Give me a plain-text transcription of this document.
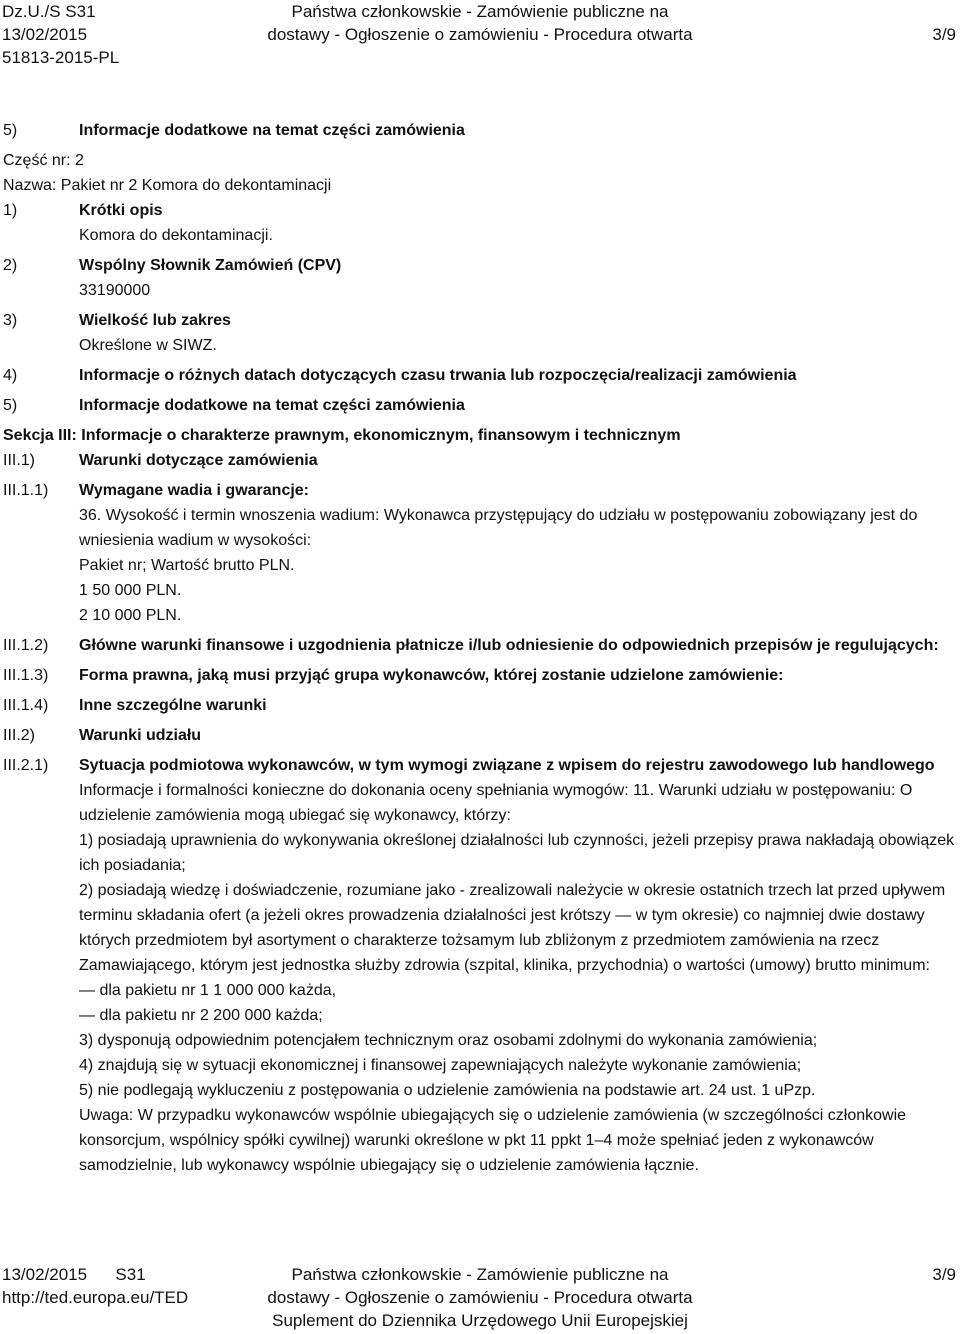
Dz.U./S S31
13/02/2015
51813-2015-PL
Państwa członkowskie - Zamówienie publiczne na
dostawy - Ogłoszenie o zamówieniu - Procedura otwarta	3/9
5)	Informacje dodatkowe na temat części zamówienia
Część nr: 2
Nazwa: Pakiet nr 2 Komora do dekontaminacji
1)	Krótki opis
Komora do dekontaminacji.
2)	Wspólny Słownik Zamówień (CPV)
33190000
3)	Wielkość lub zakres
Określone w SIWZ.
4)	Informacje o różnych datach dotyczących czasu trwania lub rozpoczęcia/realizacji zamówienia
5)	Informacje dodatkowe na temat części zamówienia
Sekcja III: Informacje o charakterze prawnym, ekonomicznym, finansowym i technicznym
III.1)	Warunki dotyczące zamówienia
III.1.1)	Wymagane wadia i gwarancje:
36. Wysokość i termin wnoszenia wadium: Wykonawca przystępujący do udziału w postępowaniu zobowiązany jest do wniesienia wadium w wysokości:
Pakiet nr; Wartość brutto PLN.
1 50 000 PLN.
2 10 000 PLN.
III.1.2)	Główne warunki finansowe i uzgodnienia płatnicze i/lub odniesienie do odpowiednich przepisów je regulujących:
III.1.3)	Forma prawna, jaką musi przyjąć grupa wykonawców, której zostanie udzielone zamówienie:
III.1.4)	Inne szczególne warunki
III.2)	Warunki udziału
III.2.1)	Sytuacja podmiotowa wykonawców, w tym wymogi związane z wpisem do rejestru zawodowego lub handlowego
Informacje i formalności konieczne do dokonania oceny spełniania wymogów: 11. Warunki udziału w postępowaniu: O udzielenie zamówienia mogą ubiegać się wykonawcy, którzy:
1) posiadają uprawnienia do wykonywania określonej działalności lub czynności, jeżeli przepisy prawa nakładają obowiązek ich posiadania;
2) posiadają wiedzę i doświadczenie, rozumiane jako - zrealizowali należycie w okresie ostatnich trzech lat przed upływem terminu składania ofert (a jeżeli okres prowadzenia działalności jest krótszy — w tym okresie) co najmniej dwie dostawy których przedmiotem był asortyment o charakterze tożsamym lub zbliżonym z przedmiotem zamówienia na rzecz Zamawiającego, którym jest jednostka służby zdrowia (szpital, klinika, przychodnia) o wartości (umowy) brutto minimum:
— dla pakietu nr 1 1 000 000 każda,
— dla pakietu nr 2 200 000 każda;
3) dysponują odpowiednim potencjałem technicznym oraz osobami zdolnymi do wykonania zamówienia;
4) znajdują się w sytuacji ekonomicznej i finansowej zapewniających należyte wykonanie zamówienia;
5) nie podlegają wykluczeniu z postępowania o udzielenie zamówienia na podstawie art. 24 ust. 1 uPzp.
Uwaga: W przypadku wykonawców wspólnie ubiegających się o udzielenie zamówienia (w szczególności członkowie konsorcjum, wspólnicy spółki cywilnej) warunki określone w pkt 11 ppkt 1–4 może spełniać jeden z wykonawców samodzielnie, lub wykonawcy wspólnie ubiegający się o udzielenie zamówienia łącznie.
13/02/2015      S31
http://ted.europa.eu/TED
Państwa członkowskie - Zamówienie publiczne na
dostawy - Ogłoszenie o zamówieniu - Procedura otwarta
Suplement do Dziennika Urzędowego Unii Europejskiej
3/9
